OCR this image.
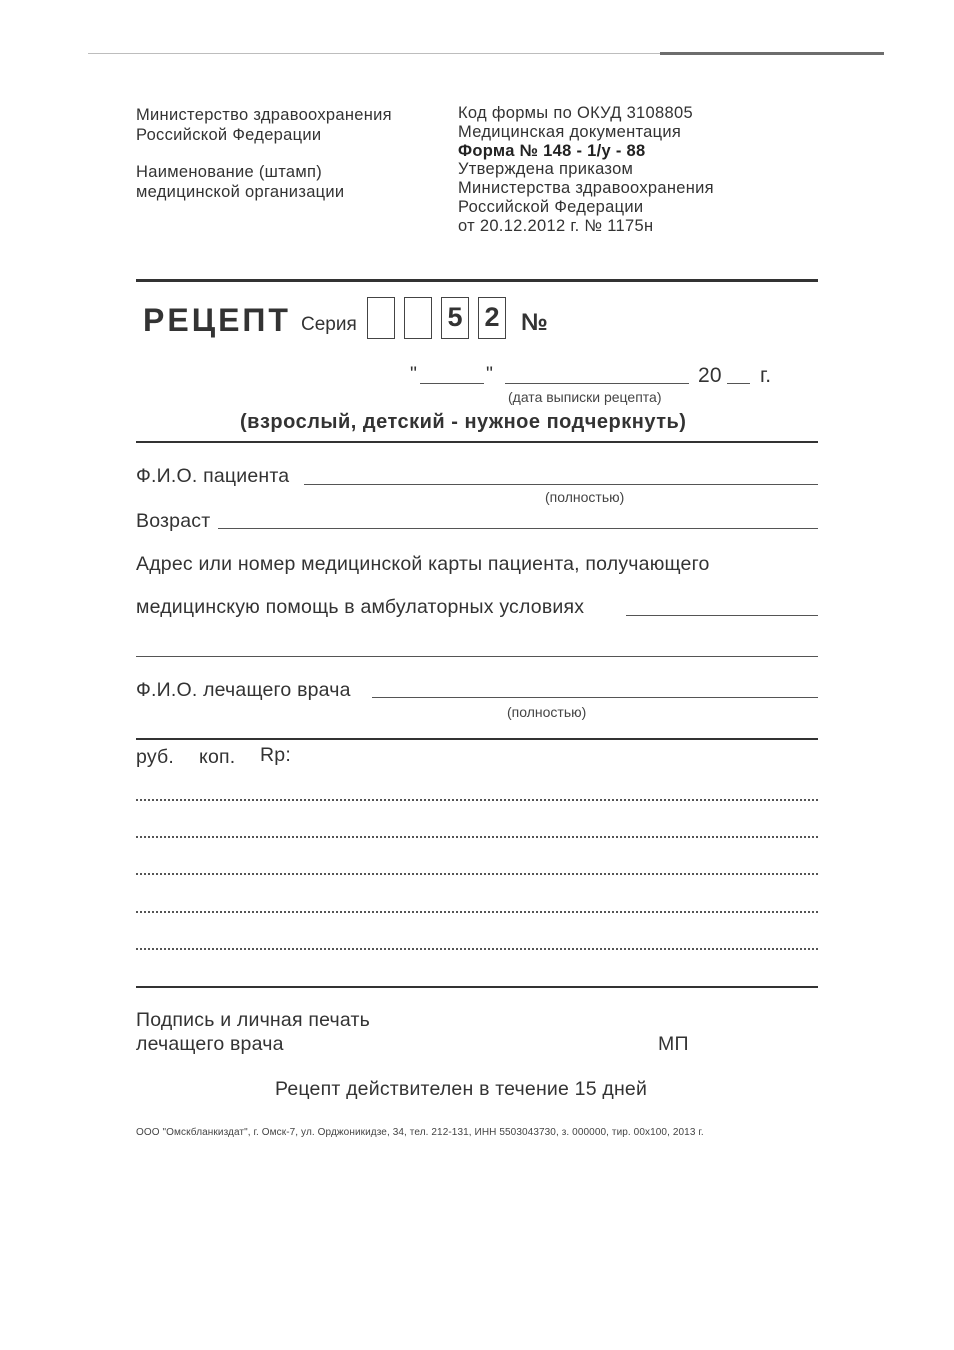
Министерство здравоохранения
Российской Федерации
Наименование (штамп)
медицинской организации
Код формы по ОКУД 3108805
Медицинская документация
Форма № 148 - 1/у - 88
Утверждена приказом
Министерства здравоохранения
Российской Федерации
от 20.12.2012 г. № 1175н
РЕЦЕПТ Серия	5 2 №
"	"	20 г.
(дата выписки рецепта)
(взрослый, детский - нужное подчеркнуть)
Ф.И.О. пациента
(полностью)
Возраст
Адрес или номер медицинской карты пациента, получающего
медицинскую помощь в амбулаторных условиях
Ф.И.О. лечащего врача
(полностью)
руб. коп. Rp:
Подпись и личная печать
лечащего врача	МП
Рецепт действителен в течение 15 дней
ООО "Омскбланкиздат", г. Омск-7, ул. Орджоникидзе, 34, тел. 212-131, ИНН 5503043730, з. 000000, тир. 00х100, 2013 г.
